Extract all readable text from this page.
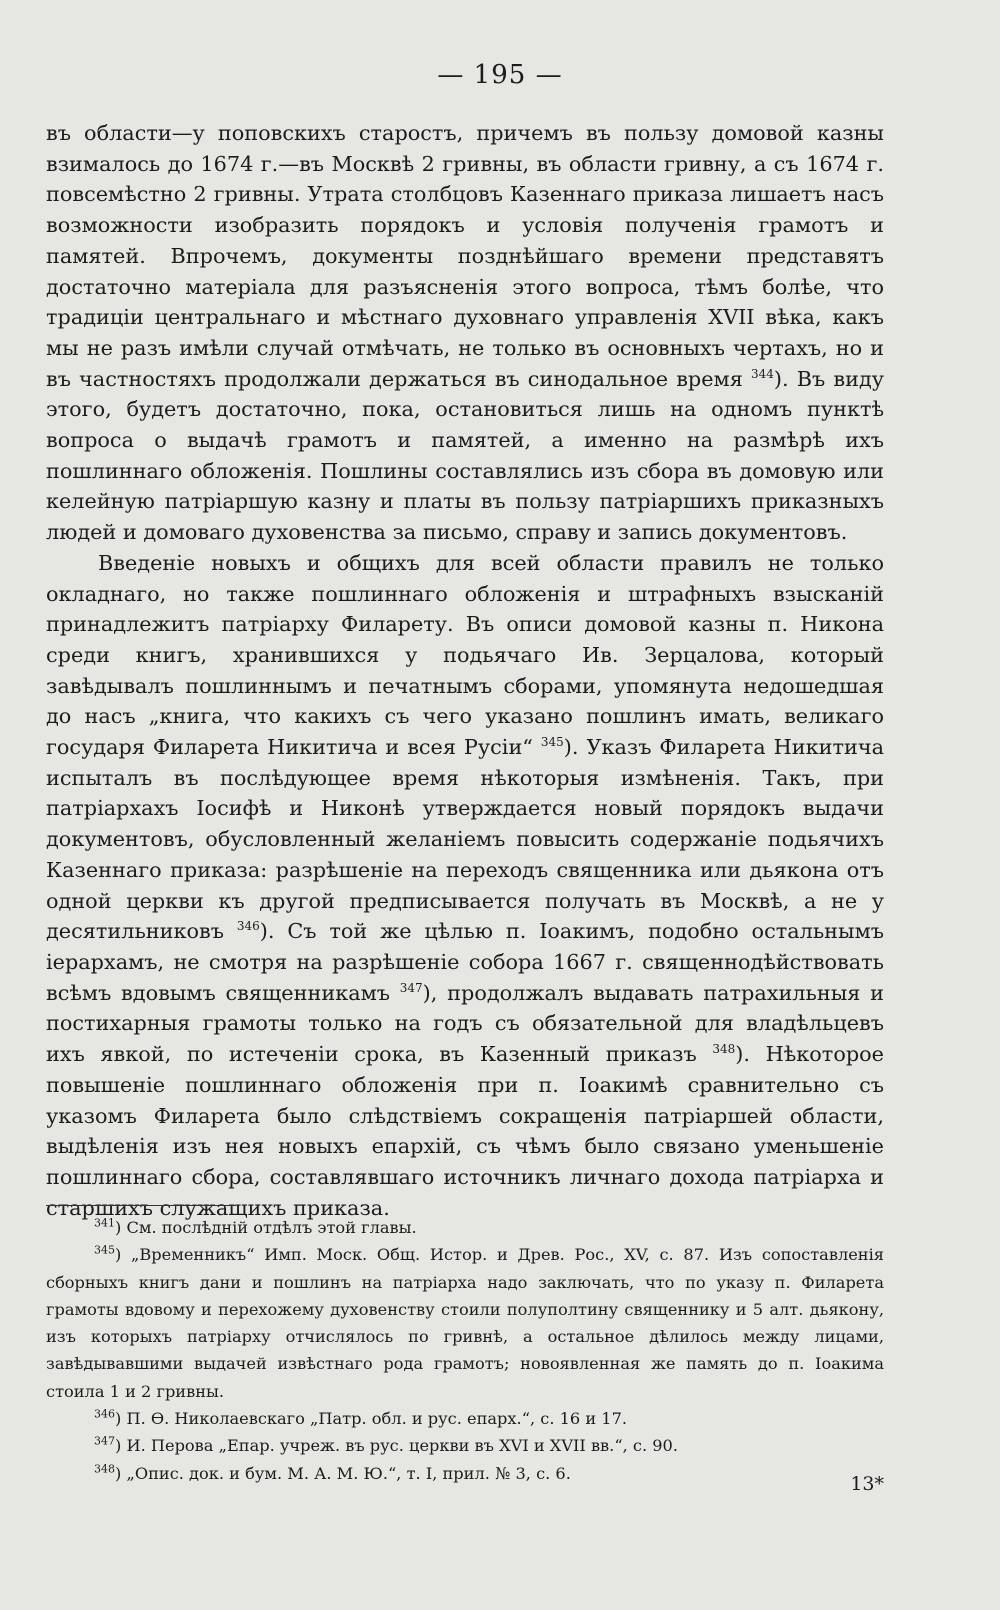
— 195 —

въ области—у поповскихъ старостъ, причемъ въ пользу домовой казны взималось до 1674 г.—въ Москвѣ 2 гривны, въ области гривну, а съ 1674 г. повсемѣстно 2 гривны. Утрата столбцовъ Казеннаго приказа лишаетъ насъ возможности изобразить порядокъ и условія полученія грамотъ и памятей. Впрочемъ, документы позднѣйшаго времени представятъ достаточно матеріала для разъясненія этого вопроса, тѣмъ болѣе, что традиціи центральнаго и мѣстнаго духовнаго управленія XVII вѣка, какъ мы не разъ имѣли случай отмѣчать, не только въ основныхъ чертахъ, но и въ частностяхъ продолжали держаться въ синодальное время $^{344}$). Въ виду этого, будетъ достаточно, пока, остановиться лишь на одномъ пунктѣ вопроса о выдачѣ грамотъ и памятей, а именно на размѣрѣ ихъ пошлиннаго обложенія. Пошлины составлялись изъ сбора въ домовую или келейную патріаршую казну и платы въ пользу патріаршихъ приказныхъ людей и домоваго духовенства за письмо, справу и запись документовъ.

Введеніе новыхъ и общихъ для всей области правилъ не только окладнаго, но также пошлиннаго обложенія и штрафныхъ взысканій принадлежитъ патріарху Филарету. Въ описи домовой казны п. Никона среди книгъ, хранившихся у подьячаго Ив. Зерцалова, который завѣдывалъ пошлиннымъ и печатнымъ сборами, упомянута недошедшая до насъ „книга, что какихъ съ чего указано пошлинъ имать, великаго государя Филарета Никитича и всея Русіи“ $^{345}$). Указъ Филарета Никитича испыталъ въ послѣдующее время нѣкоторыя измѣненія. Такъ, при патріархахъ Іосифѣ и Никонѣ утверждается новый порядокъ выдачи документовъ, обусловленный желаніемъ повысить содержаніе подьячихъ Казеннаго приказа: разрѣшеніе на переходъ священника или дьякона отъ одной церкви къ другой предписывается получать въ Москвѣ, а не у десятильниковъ $^{346}$). Съ той же цѣлью п. Іоакимъ, подобно остальнымъ іерархамъ, не смотря на разрѣшеніе собора 1667 г. священнодѣйствовать всѣмъ вдовымъ священникамъ $^{347}$), продолжалъ выдавать патрахильныя и постихарныя грамоты только на годъ съ обязательной для владѣльцевъ ихъ явкой, по истеченіи срока, въ Казенный приказъ $^{348}$). Нѣкоторое повышеніе пошлиннаго обложенія при п. Іоакимѣ сравнительно съ указомъ Филарета было слѣдствіемъ сокращенія патріаршей области, выдѣленія изъ нея новыхъ епархій, съ чѣмъ было связано уменьшеніе пошлиннаго сбора, составлявшаго источникъ личнаго дохода патріарха и старшихъ служащихъ приказа.

$^{341}$) См. послѣдній отдѣлъ этой главы.

$^{345}$) „Временникъ“ Имп. Моск. Общ. Истор. и Древ. Рос., XV, с. 87. Изъ сопоставленія сборныхъ книгъ дани и пошлинъ на патріарха надо заключать, что по указу п. Филарета грамоты вдовому и перехожему духовенству стоили полуполтину священнику и 5 алт. дьякону, изъ которыхъ патріарху отчислялось по гривнѣ, а остальное дѣлилось между лицами, завѣдывавшими выдачей извѣстнаго рода грамотъ; новоявленная же память до п. Іоакима стоила 1 и 2 гривны.

$^{346}$) П. Ѳ. Николаевскаго „Патр. обл. и рус. епарх.“, с. 16 и 17.

$^{347}$) И. Перова „Епар. учреж. въ рус. церкви въ XVI и XVII вв.“, с. 90.

$^{348}$) „Опис. док. и бум. М. А. М. Ю.“, т. I, прил. № 3, с. 6.	13*
